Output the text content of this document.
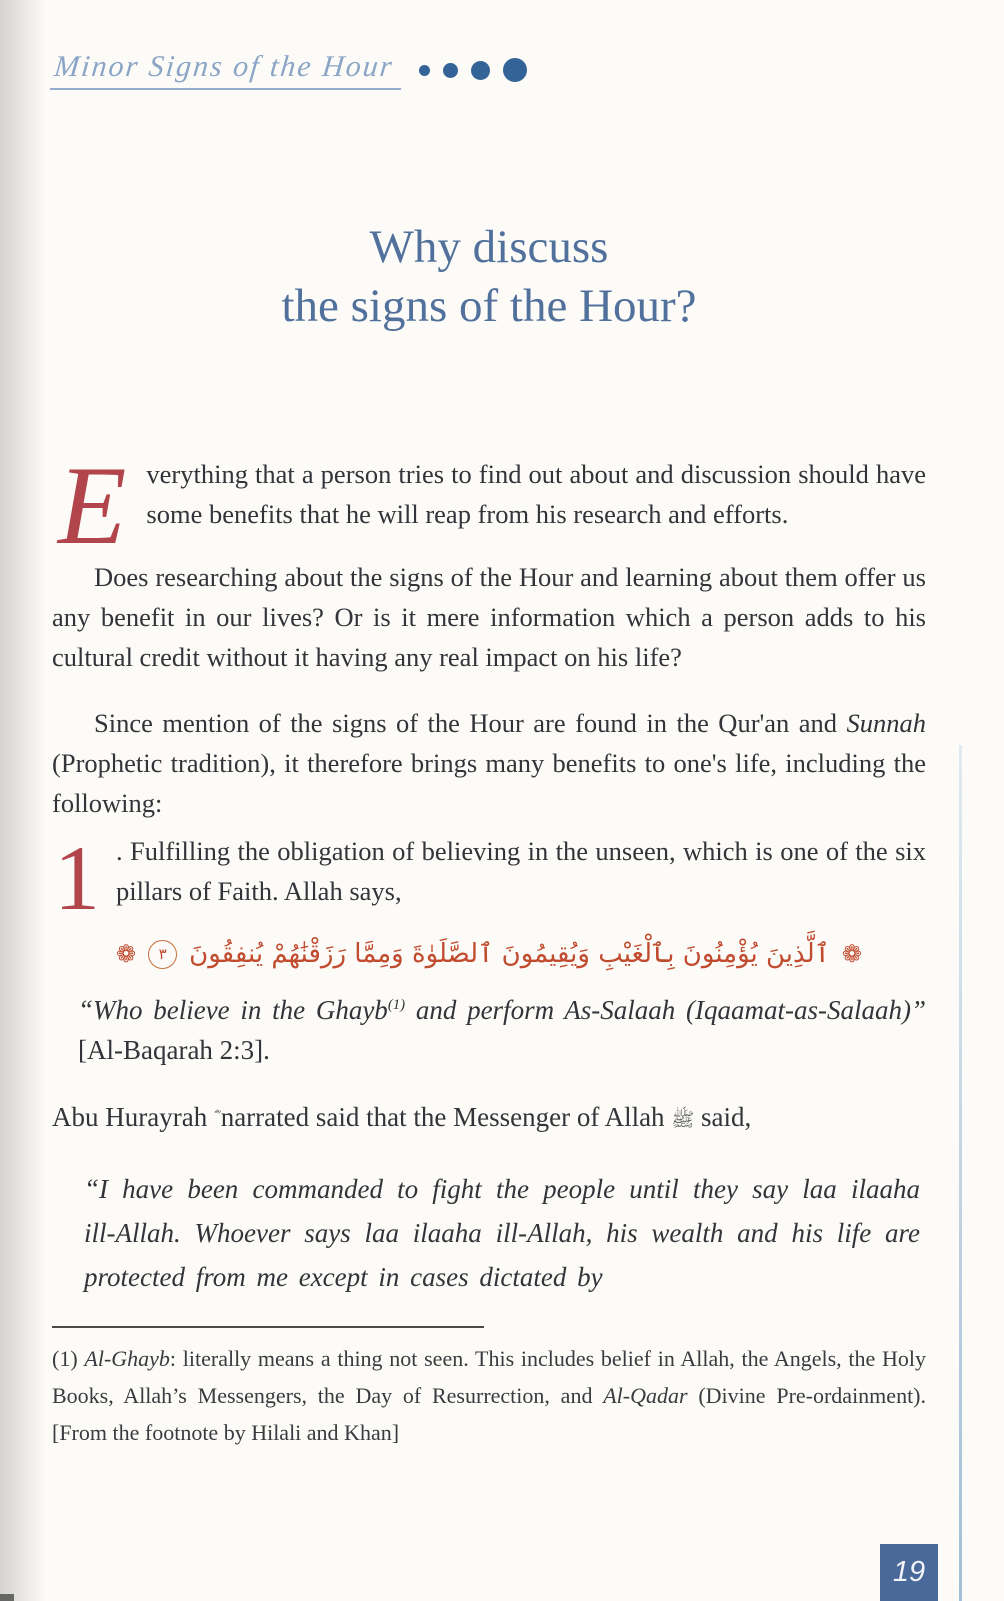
Minor Signs of the Hour
Why discuss
the signs of the Hour?

E verything that a person tries to find out about and discussion should have some benefits that he will reap from his research and efforts.

Does researching about the signs of the Hour and learning about them offer us any benefit in our lives? Or is it mere information which a person adds to his cultural credit without it having any real impact on his life?

Since mention of the signs of the Hour are found in the Qur'an and Sunnah (Prophetic tradition), it therefore brings many benefits to one's life, including the following:

1 . Fulfilling the obligation of believing in the unseen, which is one of the six pillars of Faith. Allah says,

❁
ٱلَّذِينَ يُؤْمِنُونَ بِٱلْغَيْبِ وَيُقِيمُونَ ٱلصَّلَوٰةَ وَمِمَّا رَزَقْنَٰهُمْ يُنفِقُونَ
٣
❁

“Who believe in the Ghayb$^{(1)}$ and perform As-Salaah (Iqaamat-as-Salaah)” [Al-Baqarah 2:3].

Abu Hurayrah narrated said that the Messenger of Allah ﷺ said,

“I have been commanded to fight the people until they say laa ilaaha ill-Allah. Whoever says laa ilaaha ill-Allah, his wealth and his life are protected from me except in cases dictated by

(1) Al-Ghayb: literally means a thing not seen. This includes belief in Allah, the Angels, the Holy Books, Allah’s Messengers, the Day of Resurrection, and Al-Qadar (Divine Pre-ordainment). [From the footnote by Hilali and Khan]

19
